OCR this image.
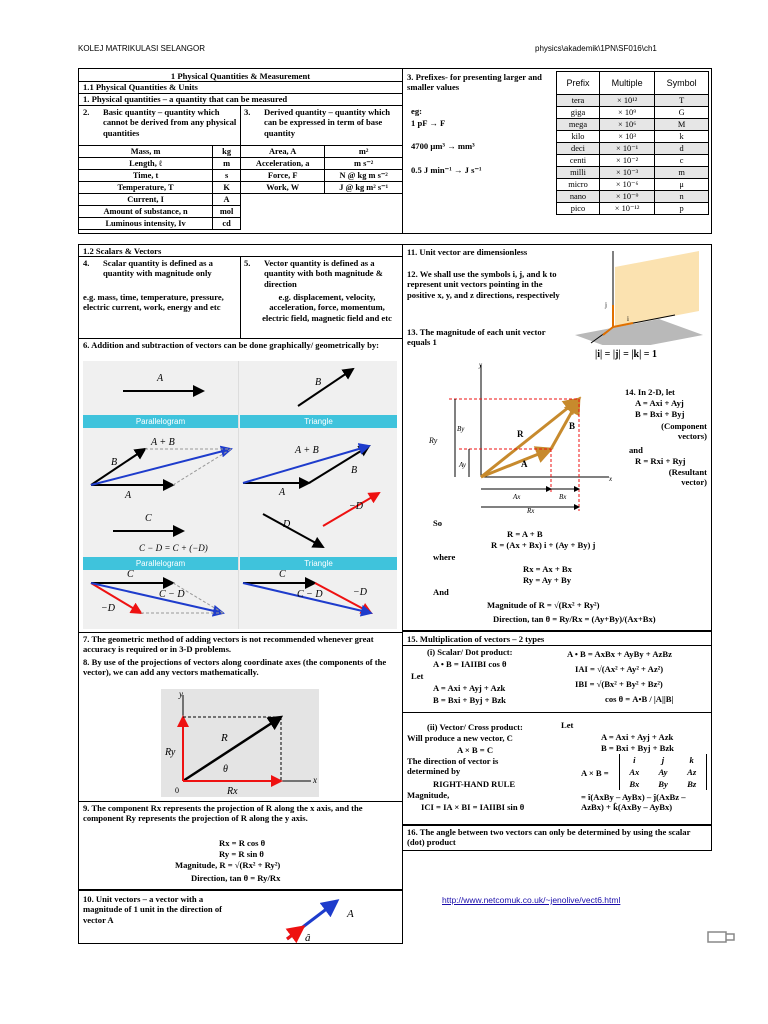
KOLEJ MATRIKULASI SELANGOR	physics\akademik\1PN\SF016\ch1
1 Physical Quantities & Measurement
1.1 Physical Quantities & Units
1. Physical quantities – a quantity that can be measured
2. Basic quantity – quantity which cannot be derived from any physical quantities
3. Derived quantity – quantity which can be expressed in term of base quantity
Mass, m	kg
Length, ℓ	m
Time, t	s
Temperature, T	K
Current, I	A
Amount of substance, n	mol
Luminous intensity, Iv	cd
Area, A	m²
Acceleration, a	m s⁻²
Force, F	N @ kg m s⁻²
Work, W	J @ kg m² s⁻¹
3. Prefixes- for presenting larger and smaller values
eg:
1 pF → F
4700 μm³ → mm³
0.5 J min⁻¹ → J s⁻¹
Prefix	Multiple	Symbol
tera	× 10¹²	T
giga	× 10⁹	G
mega	× 10⁶	M
kilo	× 10³	k
deci	× 10⁻¹	d
centi	× 10⁻²	c
milli	× 10⁻³	m
micro	× 10⁻⁶	μ
nano	× 10⁻⁹	n
pico	× 10⁻¹²	p
1.2 Scalars & Vectors
4. Scalar quantity is defined as a quantity with magnitude only
e.g. mass, time, temperature, pressure, electric current, work, energy and etc
5. Vector quantity is defined as a quantity with both magnitude & direction
e.g. displacement, velocity, acceleration, force, momentum, electric field, magnetic field and etc
6. Addition and subtraction of vectors can be done graphically/ geometrically by:
Parallelogram	Triangle
Parallelogram	Triangle
A	B
B
A + B
A
A + B
B
A
C
D
−D
C − D = C + (−D)
C
C − D
−D
C
C − D	−D
7. The geometric method of adding vectors is not recommended whenever great accuracy is required or in 3-D problems.
8. By use of the projections of vectors along coordinate axes (the components of the vector), we can add any vectors mathematically.
x
y
R
Ry
Rx
θ
0
9. The component Rx represents the projection of R along the x axis, and the component Ry represents the projection of R along the y axis.
Rx = R cos θ
Ry = R sin θ
Magnitude, R = √(Rx² + Ry²)
Direction, tan θ = Ry/Rx
10. Unit vectors – a vector with a magnitude of 1 unit in the direction of vector A	A
â
11. Unit vector are dimensionless
12. We shall use the symbols i, j, and k to represent unit vectors pointing in the positive x, y, and z directions, respectively
13. The magnitude of each unit vector equals 1
j
i
|i| = |j| = |k| = 1
x
y
R
B
A
Ry
By
Ay
Ax	Bx
Rx
14. In 2-D, let
A = Axi + Ayj
B = Bxi + Byj
(Component vectors)
and
R = Rxi + Ryj
(Resultant vector)
So
R = A + B
R = (Ax + Bx) i + (Ay + By) j
where
Rx = Ax + Bx
Ry = Ay + By
And
Magnitude of R = √(Rx² + Ry²)
Direction, tan θ = Ry/Rx = (Ay+By)/(Ax+Bx)
15. Multiplication of vectors – 2 types
(i) Scalar/ Dot product:
A • B = IAIIBI cos θ
Let
A = Axi + Ayj + Azk
B = Bxi + Byj + Bzk
A • B = AxBx + AyBy + AzBz
IAI = √(Ax² + Ay² + Az²)
IBI = √(Bx² + By² + Bz²)
cos θ = A•B / |A||B|
(ii) Vector/ Cross product:
Will produce a new vector, C
A × B = C
The direction of vector is determined by
RIGHT-HAND RULE
Magnitude,
ICI = IA × BI = IAIIBI sin θ
Let
A = Axi + Ayj + Azk
B = Bxi + Byj + Bzk
A × B =
i	j	k
Ax	Ay	Az
Bx	By	Bz
= î(AxBy – AyBx) – ĵ(AxBz – AzBx) + k̂(AxBy – AyBx)
16. The angle between two vectors can only be determined by using the scalar (dot) product
http://www.netcomuk.co.uk/~jenolive/vect6.html
